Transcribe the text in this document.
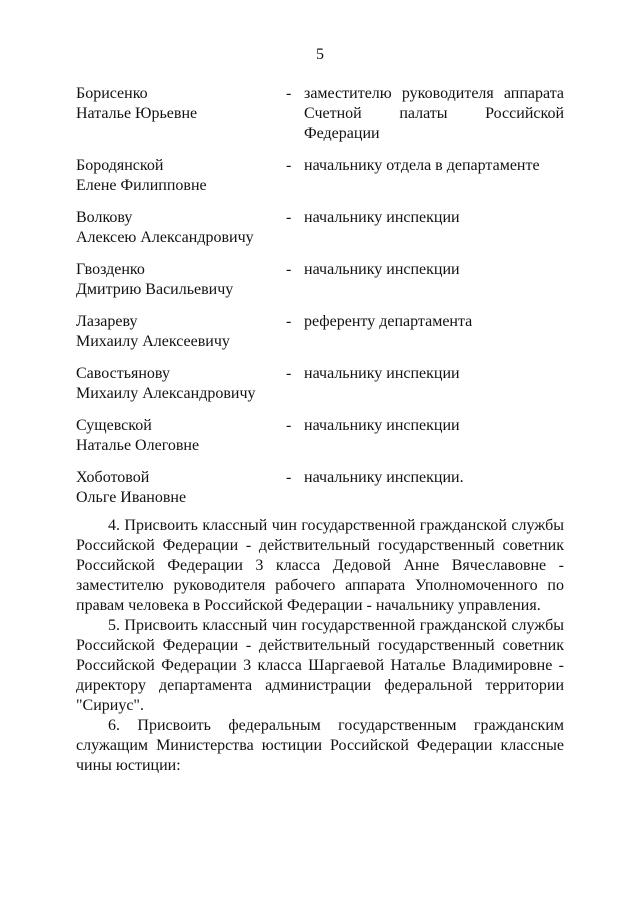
5
Борисенко
Наталье Юрьевне
- заместителю руководителя аппарата Счетной палаты Российской Федерации
Бородянской
Елене Филипповне
- начальнику отдела в департаменте
Волкову
Алексею Александровичу
- начальнику инспекции
Гвозденко
Дмитрию Васильевичу
- начальнику инспекции
Лазареву
Михаилу Алексеевичу
- референту департамента
Савостьянову
Михаилу Александровичу
- начальнику инспекции
Сущевской
Наталье Олеговне
- начальнику инспекции
Хоботовой
Ольге Ивановне
- начальнику инспекции.

4. Присвоить классный чин государственной гражданской службы Российской Федерации - действительный государственный советник Российской Федерации 3 класса Дедовой Анне Вячеславовне - заместителю руководителя рабочего аппарата Уполномоченного по правам человека в Российской Федерации - начальнику управления.

5. Присвоить классный чин государственной гражданской службы Российской Федерации - действительный государственный советник Российской Федерации 3 класса Шаргаевой Наталье Владимировне - директору департамента администрации федеральной территории "Сириус".

6. Присвоить федеральным государственным гражданским служащим Министерства юстиции Российской Федерации классные чины юстиции:
